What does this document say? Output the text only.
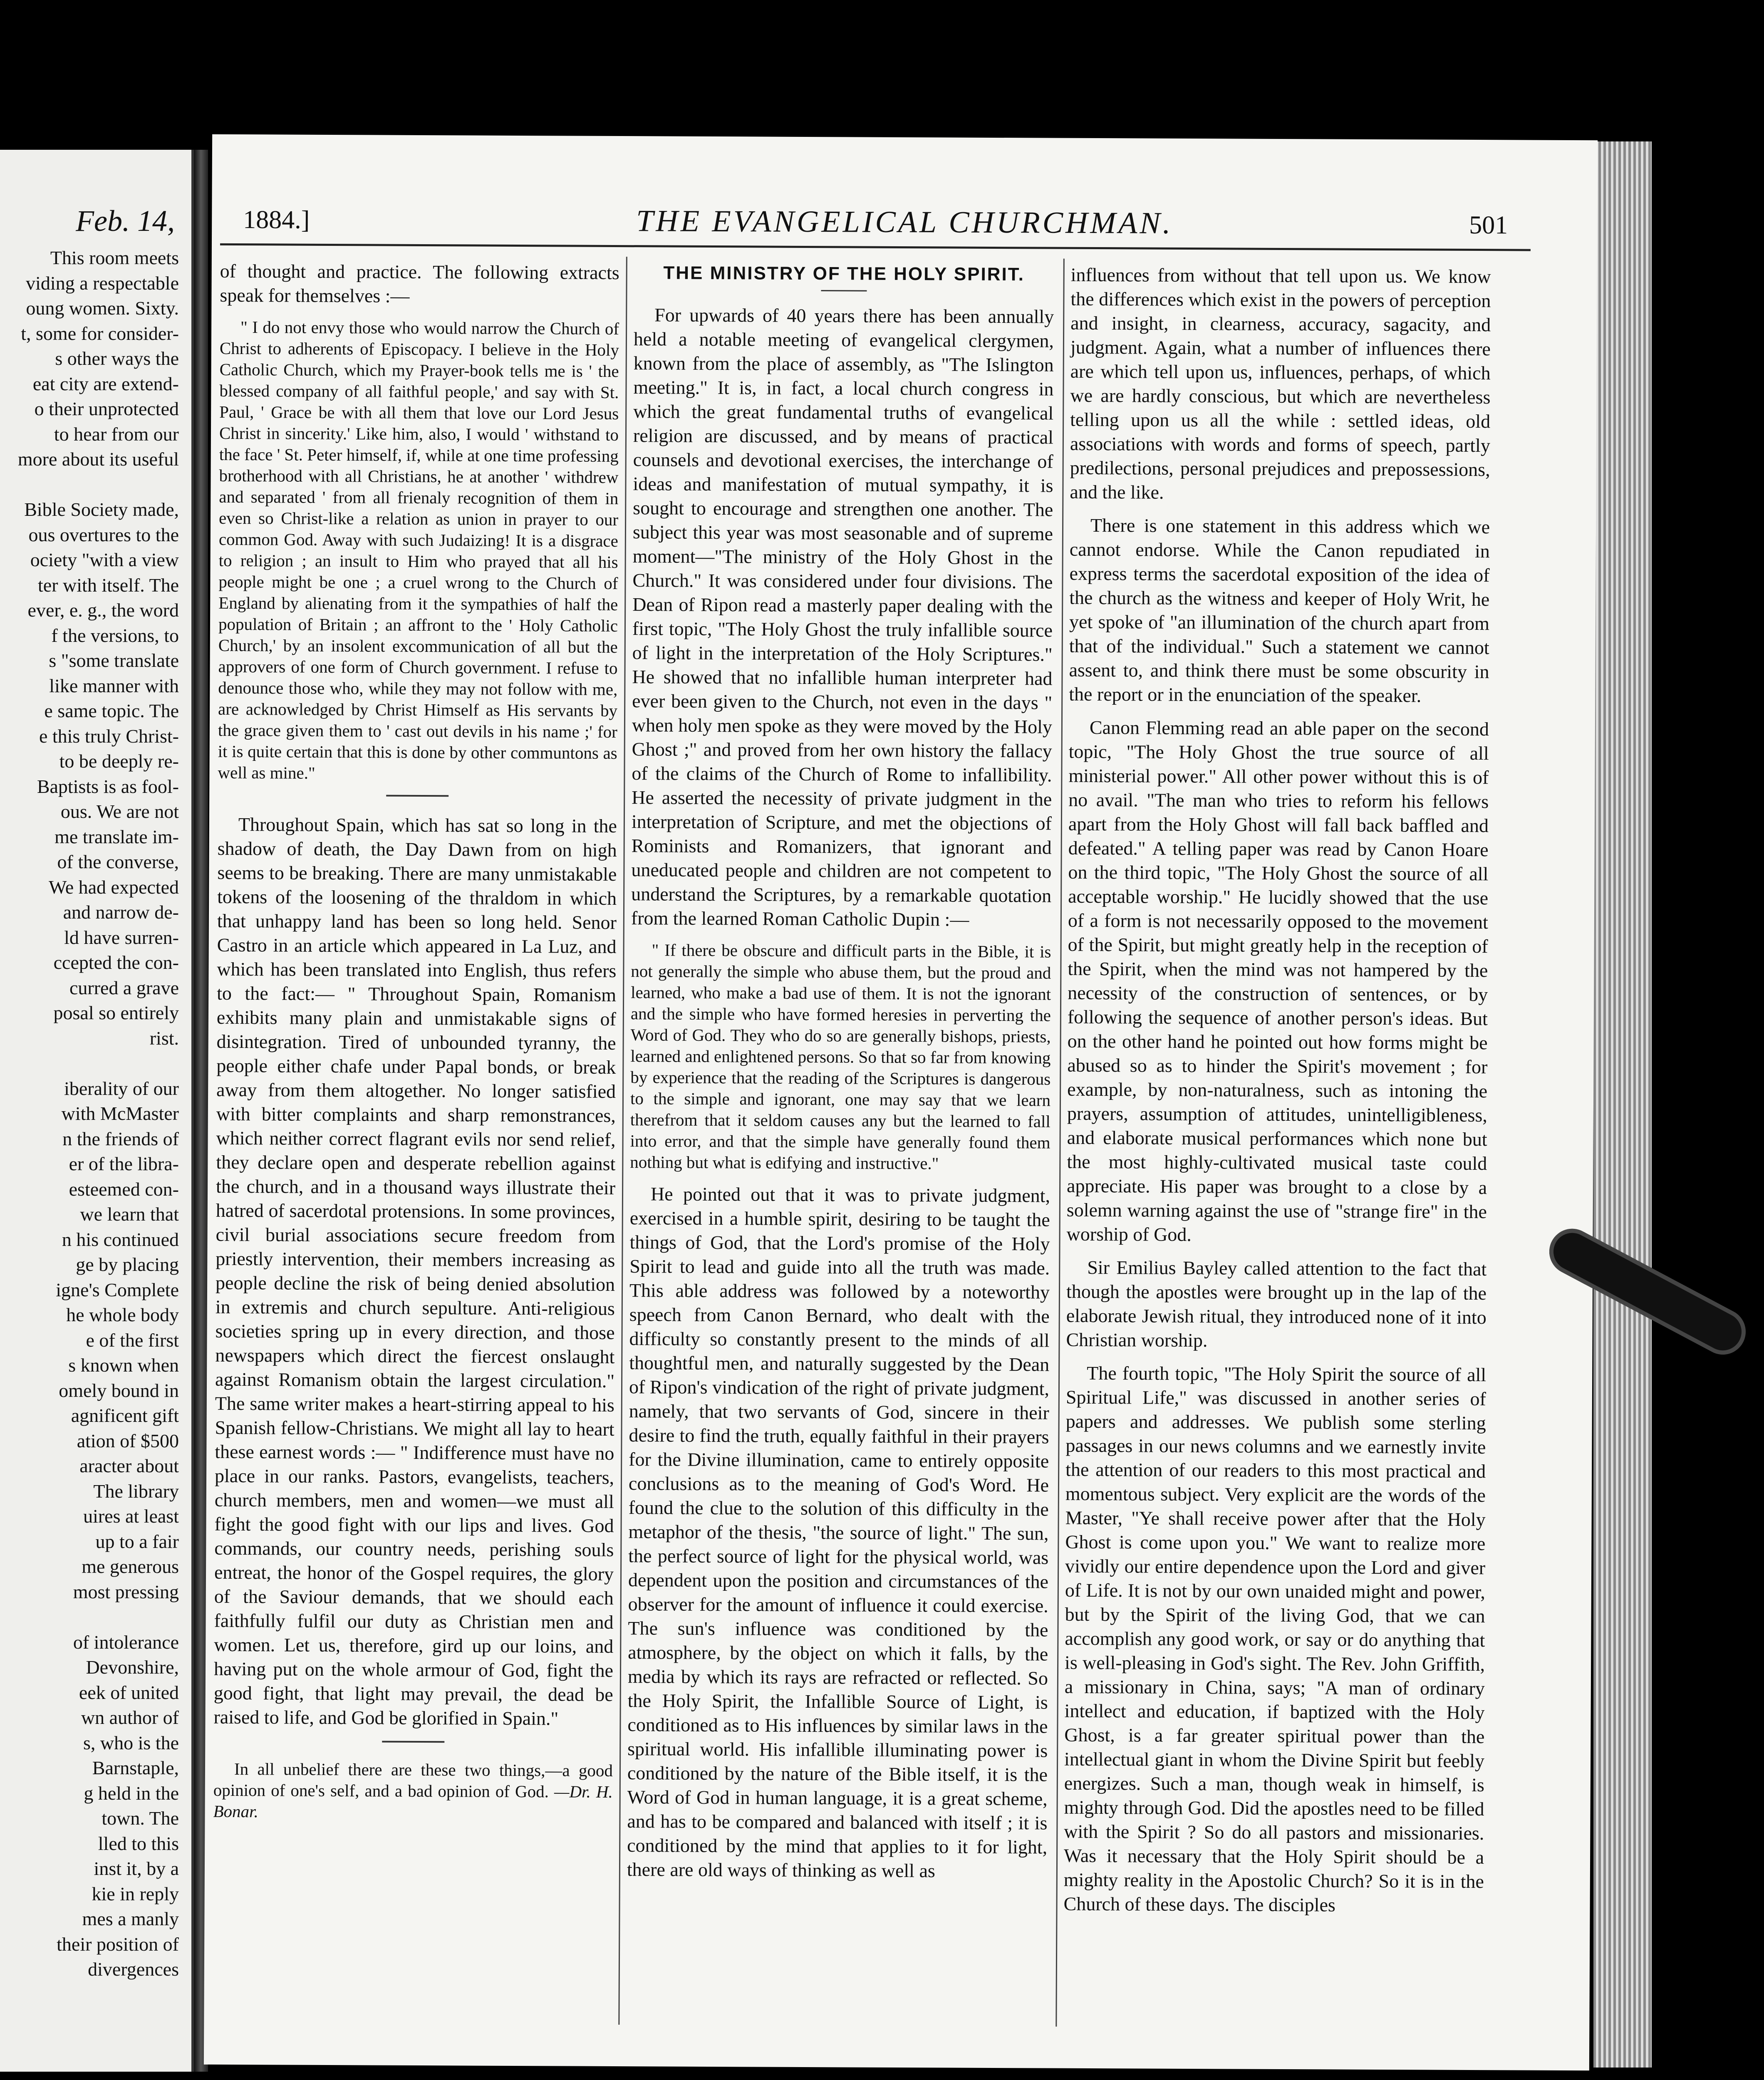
Feb. 14,
This room meets
viding a respectable
oung women. Sixty.
t, some for consider-
s other ways the
eat city are extend-
o their unprotected
to hear from our
more about its useful

Bible Society made,
ous overtures to the
ociety "with a view
ter with itself. The
ever, e. g., the word
f the versions, to
s "some translate
like manner with
e same topic. The
e this truly Christ-
to be deeply re-
Baptists is as fool-
ous. We are not
me translate im-
of the converse,
We had expected
and narrow de-
ld have surren-
ccepted the con-
curred a grave
posal so entirely
rist.

iberality of our
with McMaster
n the friends of
er of the libra-
esteemed con-
we learn that
n his continued
ge by placing
igne's Complete
he whole body
e of the first
s known when
omely bound in
agnificent gift
ation of $500
aracter about
The library
uires at least
up to a fair
me generous
most pressing

of intolerance
Devonshire,
eek of united
wn author of
s, who is the
Barnstaple,
g held in the
town. The
lled to this
inst it, by a
kie in reply
mes a manly
their position of
divergences
1884.]	THE EVANGELICAL CHURCHMAN.	501

of thought and practice. The following extracts speak for themselves :—

" I do not envy those who would narrow the Church of Christ to adherents of Episcopacy. I believe in the Holy Catholic Church, which my Prayer-book tells me is ' the blessed company of all faithful people,' and say with St. Paul, ' Grace be with all them that love our Lord Jesus Christ in sincerity.' Like him, also, I would ' withstand to the face ' St. Peter himself, if, while at one time professing brotherhood with all Christians, he at another ' withdrew and separated ' from all frienaly recognition of them in even so Christ-like a relation as union in prayer to our common God. Away with such Judaizing! It is a disgrace to religion ; an insult to Him who prayed that all his people might be one ; a cruel wrong to the Church of England by alienating from it the sympathies of half the population of Britain ; an affront to the ' Holy Catholic Church,' by an insolent excommunication of all but the approvers of one form of Church government. I refuse to denounce those who, while they may not follow with me, are acknowledged by Christ Himself as His servants by the grace given them to ' cast out devils in his name ;' for it is quite certain that this is done by other communtons as well as mine."

Throughout Spain, which has sat so long in the shadow of death, the Day Dawn from on high seems to be breaking. There are many unmistakable tokens of the loosening of the thraldom in which that unhappy land has been so long held. Senor Castro in an article which appeared in La Luz, and which has been translated into English, thus refers to the fact:— " Throughout Spain, Romanism exhibits many plain and unmistakable signs of disintegration. Tired of unbounded tyranny, the people either chafe under Papal bonds, or break away from them altogether. No longer satisfied with bitter complaints and sharp remonstrances, which neither correct flagrant evils nor send relief, they declare open and desperate rebellion against the church, and in a thousand ways illustrate their hatred of sacerdotal protensions. In some provinces, civil burial associations secure freedom from priestly intervention, their members increasing as people decline the risk of being denied absolution in extremis and church sepulture. Anti-religious societies spring up in every direction, and those newspapers which direct the fiercest onslaught against Romanism obtain the largest circulation." The same writer makes a heart-stirring appeal to his Spanish fellow-Christians. We might all lay to heart these earnest words :— " Indifference must have no place in our ranks. Pastors, evangelists, teachers, church members, men and women—we must all fight the good fight with our lips and lives. God commands, our country needs, perishing souls entreat, the honor of the Gospel requires, the glory of the Saviour demands, that we should each faithfully fulfil our duty as Christian men and women. Let us, therefore, gird up our loins, and having put on the whole armour of God, fight the good fight, that light may prevail, the dead be raised to life, and God be glorified in Spain."

In all unbelief there are these two things,—a good opinion of one's self, and a bad opinion of God. —Dr. H. Bonar.

THE MINISTRY OF THE HOLY SPIRIT.

For upwards of 40 years there has been annually held a notable meeting of evangelical clergymen, known from the place of assembly, as "The Islington meeting." It is, in fact, a local church congress in which the great fundamental truths of evangelical religion are discussed, and by means of practical counsels and devotional exercises, the interchange of ideas and manifestation of mutual sympathy, it is sought to encourage and strengthen one another. The subject this year was most seasonable and of supreme moment—"The ministry of the Holy Ghost in the Church." It was considered under four divisions. The Dean of Ripon read a masterly paper dealing with the first topic, "The Holy Ghost the truly infallible source of light in the interpretation of the Holy Scriptures." He showed that no infallible human interpreter had ever been given to the Church, not even in the days " when holy men spoke as they were moved by the Holy Ghost ;" and proved from her own history the fallacy of the claims of the Church of Rome to infallibility. He asserted the necessity of private judgment in the interpretation of Scripture, and met the objections of Rominists and Romanizers, that ignorant and uneducated people and children are not competent to understand the Scriptures, by a remarkable quotation from the learned Roman Catholic Dupin :—

" If there be obscure and difficult parts in the Bible, it is not generally the simple who abuse them, but the proud and learned, who make a bad use of them. It is not the ignorant and the simple who have formed heresies in perverting the Word of God. They who do so are generally bishops, priests, learned and enlightened persons. So that so far from knowing by experience that the reading of the Scriptures is dangerous to the simple and ignorant, one may say that we learn therefrom that it seldom causes any but the learned to fall into error, and that the simple have generally found them nothing but what is edifying and instructive."

He pointed out that it was to private judgment, exercised in a humble spirit, desiring to be taught the things of God, that the Lord's promise of the Holy Spirit to lead and guide into all the truth was made. This able address was followed by a noteworthy speech from Canon Bernard, who dealt with the difficulty so constantly present to the minds of all thoughtful men, and naturally suggested by the Dean of Ripon's vindication of the right of private judgment, namely, that two servants of God, sincere in their desire to find the truth, equally faithful in their prayers for the Divine illumination, came to entirely opposite conclusions as to the meaning of God's Word. He found the clue to the solution of this difficulty in the metaphor of the thesis, "the source of light." The sun, the perfect source of light for the physical world, was dependent upon the position and circumstances of the observer for the amount of influence it could exercise. The sun's influence was conditioned by the atmosphere, by the object on which it falls, by the media by which its rays are refracted or reflected. So the Holy Spirit, the Infallible Source of Light, is conditioned as to His influences by similar laws in the spiritual world. His infallible illuminating power is conditioned by the nature of the Bible itself, it is the Word of God in human language, it is a great scheme, and has to be compared and balanced with itself ; it is conditioned by the mind that applies to it for light, there are old ways of thinking as well as

influences from without that tell upon us. We know the differences which exist in the powers of perception and insight, in clearness, accuracy, sagacity, and judgment. Again, what a number of influences there are which tell upon us, influences, perhaps, of which we are hardly conscious, but which are nevertheless telling upon us all the while : settled ideas, old associations with words and forms of speech, partly predilections, personal prejudices and prepossessions, and the like.

There is one statement in this address which we cannot endorse. While the Canon repudiated in express terms the sacerdotal exposition of the idea of the church as the witness and keeper of Holy Writ, he yet spoke of "an illumination of the church apart from that of the individual." Such a statement we cannot assent to, and think there must be some obscurity in the report or in the enunciation of the speaker.

Canon Flemming read an able paper on the second topic, "The Holy Ghost the true source of all ministerial power." All other power without this is of no avail. "The man who tries to reform his fellows apart from the Holy Ghost will fall back baffled and defeated." A telling paper was read by Canon Hoare on the third topic, "The Holy Ghost the source of all acceptable worship." He lucidly showed that the use of a form is not necessarily opposed to the movement of the Spirit, but might greatly help in the reception of the Spirit, when the mind was not hampered by the necessity of the construction of sentences, or by following the sequence of another person's ideas. But on the other hand he pointed out how forms might be abused so as to hinder the Spirit's movement ; for example, by non-naturalness, such as intoning the prayers, assumption of attitudes, unintelligibleness, and elaborate musical performances which none but the most highly-cultivated musical taste could appreciate. His paper was brought to a close by a solemn warning against the use of "strange fire" in the worship of God.

Sir Emilius Bayley called attention to the fact that though the apostles were brought up in the lap of the elaborate Jewish ritual, they introduced none of it into Christian worship.

The fourth topic, "The Holy Spirit the source of all Spiritual Life," was discussed in another series of papers and addresses. We publish some sterling passages in our news columns and we earnestly invite the attention of our readers to this most practical and momentous subject. Very explicit are the words of the Master, "Ye shall receive power after that the Holy Ghost is come upon you." We want to realize more vividly our entire dependence upon the Lord and giver of Life. It is not by our own unaided might and power, but by the Spirit of the living God, that we can accomplish any good work, or say or do anything that is well-pleasing in God's sight. The Rev. John Griffith, a missionary in China, says; "A man of ordinary intellect and education, if baptized with the Holy Ghost, is a far greater spiritual power than the intellectual giant in whom the Divine Spirit but feebly energizes. Such a man, though weak in himself, is mighty through God. Did the apostles need to be filled with the Spirit ? So do all pastors and missionaries. Was it necessary that the Holy Spirit should be a mighty reality in the Apostolic Church? So it is in the Church of these days. The disciples
